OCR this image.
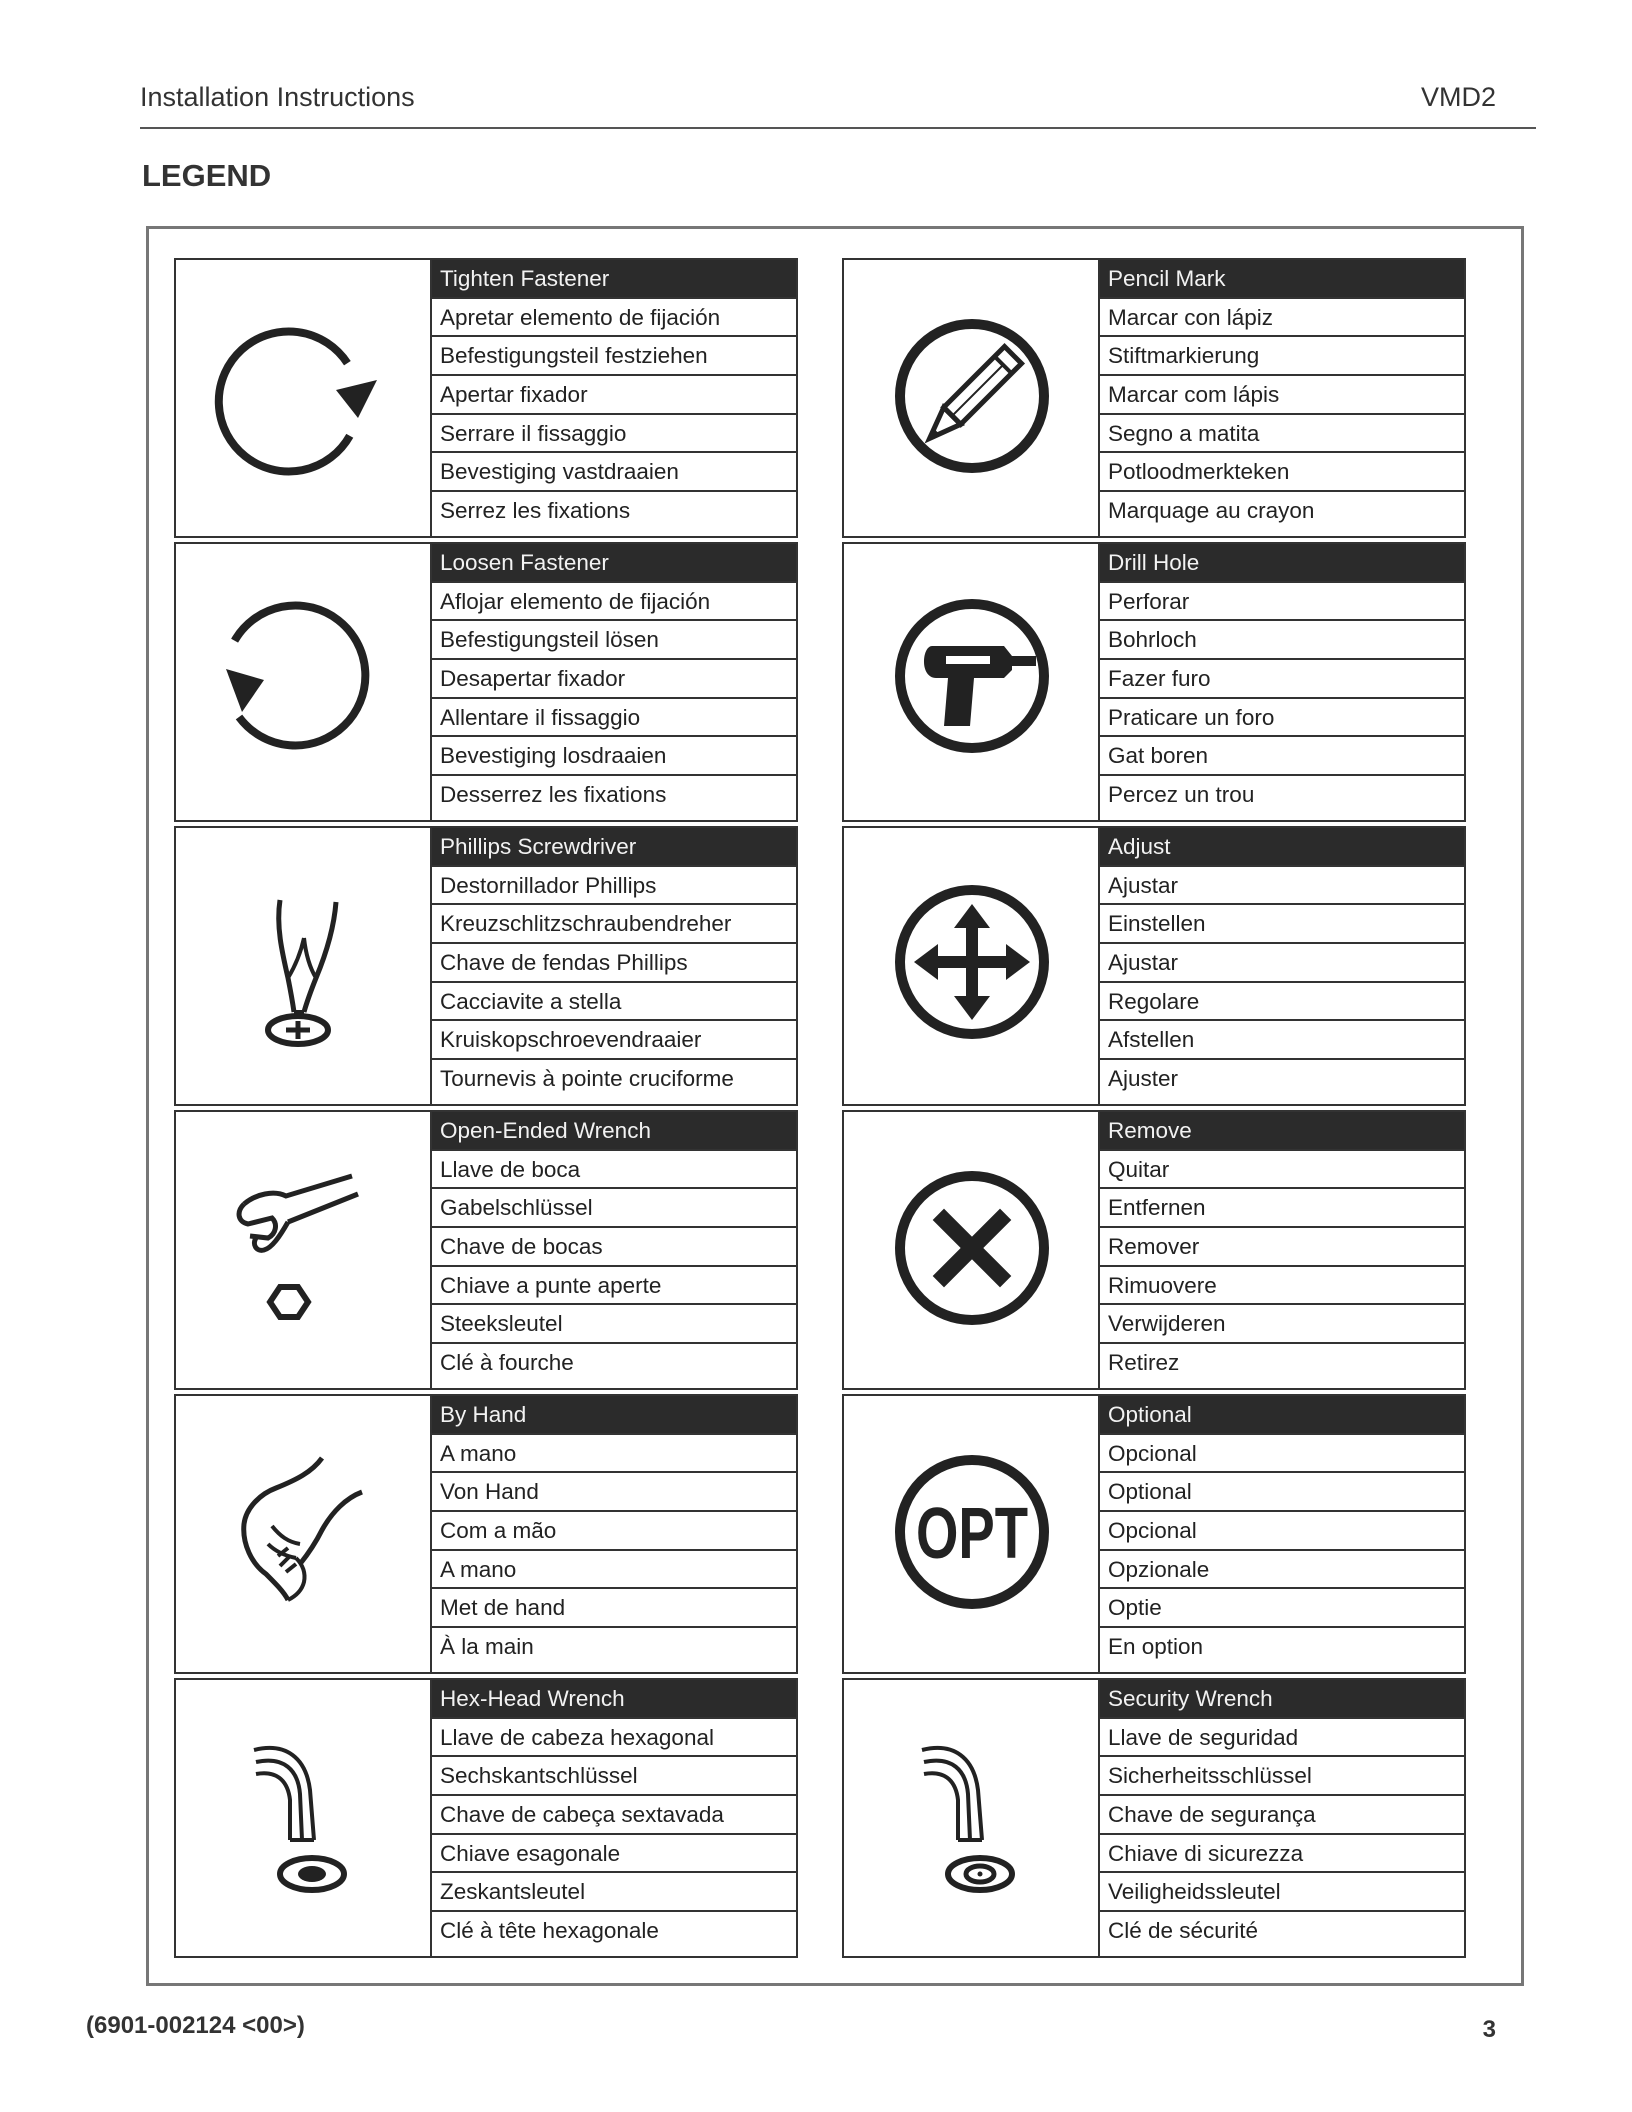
Installation Instructions	VMD2
LEGEND
Tighten Fastener
Apretar elemento de fijación
Befestigungsteil festziehen
Apertar fixador
Serrare il fissaggio
Bevestiging vastdraaien
Serrez les fixations
Loosen Fastener
Aflojar elemento de fijación
Befestigungsteil lösen
Desapertar fixador
Allentare il fissaggio
Bevestiging losdraaien
Desserrez les fixations
Phillips Screwdriver
Destornillador Phillips
Kreuzschlitzschraubendreher
Chave de fendas Phillips
Cacciavite a stella
Kruiskopschroevendraaier
Tournevis à pointe cruciforme
Open-Ended Wrench
Llave de boca
Gabelschlüssel
Chave de bocas
Chiave a punte aperte
Steeksleutel
Clé à fourche
By Hand
A mano
Von Hand
Com a mão
A mano
Met de hand
À la main
Hex-Head Wrench
Llave de cabeza hexagonal
Sechskantschlüssel
Chave de cabeça sextavada
Chiave esagonale
Zeskantsleutel
Clé à tête hexagonale
Pencil Mark
Marcar con lápiz
Stiftmarkierung
Marcar com lápis
Segno a matita
Potloodmerkteken
Marquage au crayon
Drill Hole
Perforar
Bohrloch
Fazer furo
Praticare un foro
Gat boren
Percez un trou
Adjust
Ajustar
Einstellen
Ajustar
Regolare
Afstellen
Ajuster
Remove
Quitar
Entfernen
Remover
Rimuovere
Verwijderen
Retirez
OPT
Optional
Opcional
Optional
Opcional
Opzionale
Optie
En option
Security Wrench
Llave de seguridad
Sicherheitsschlüssel
Chave de segurança
Chiave di sicurezza
Veiligheidssleutel
Clé de sécurité
(6901-002124 <00>)	3
